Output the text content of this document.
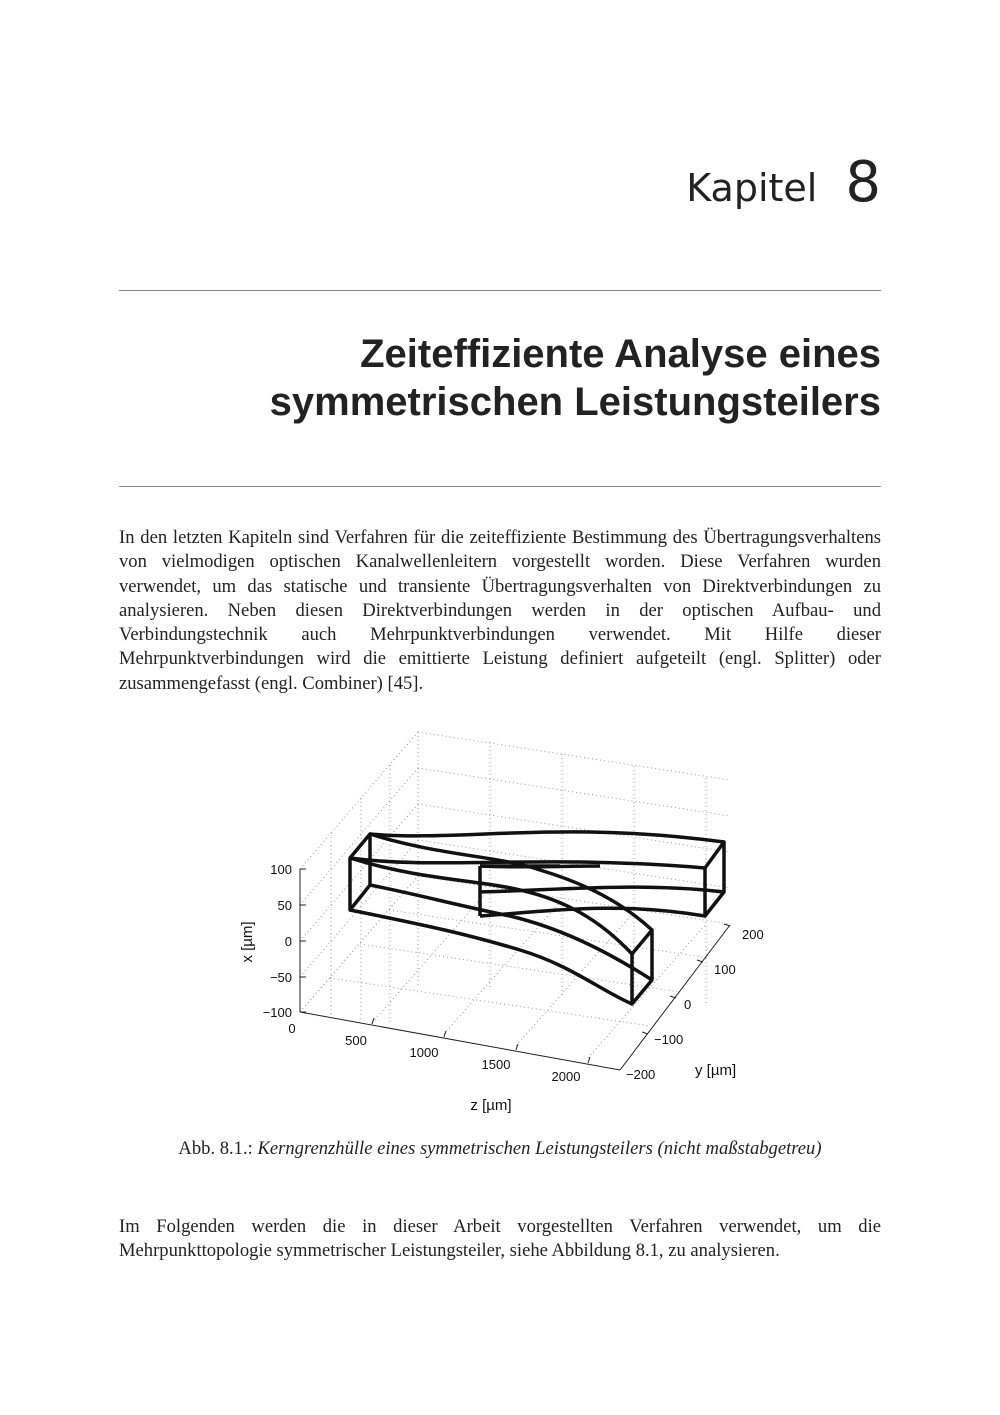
Kapitel 8
Zeiteffiziente Analyse eines
symmetrischen Leistungsteilers

In den letzten Kapiteln sind Verfahren für die zeiteffiziente Bestimmung des Übertragungsverhaltens von vielmodigen optischen Kanalwellenleitern vorgestellt worden. Diese Verfahren wurden verwendet, um das statische und transiente Übertragungsverhalten von Direktverbindungen zu analysieren. Neben diesen Direktverbindungen werden in der optischen Aufbau- und Verbindungstechnik auch Mehrpunktverbindungen verwendet. Mit Hilfe dieser Mehrpunktverbindungen wird die emittierte Leistung definiert aufgeteilt (engl. Splitter) oder zusammengefasst (engl. Combiner) [45].

100
50
0
−50
−100
0
500
1000
1500
2000
200
100
0
−100
−200
x [µm]
y [µm]
z [µm]
Abb. 8.1.: Kerngrenzhülle eines symmetrischen Leistungsteilers (nicht maßstabgetreu)

Im Folgenden werden die in dieser Arbeit vorgestellten Verfahren verwendet, um die Mehrpunkttopologie symmetrischer Leistungsteiler, siehe Abbildung 8.1, zu analysieren.
